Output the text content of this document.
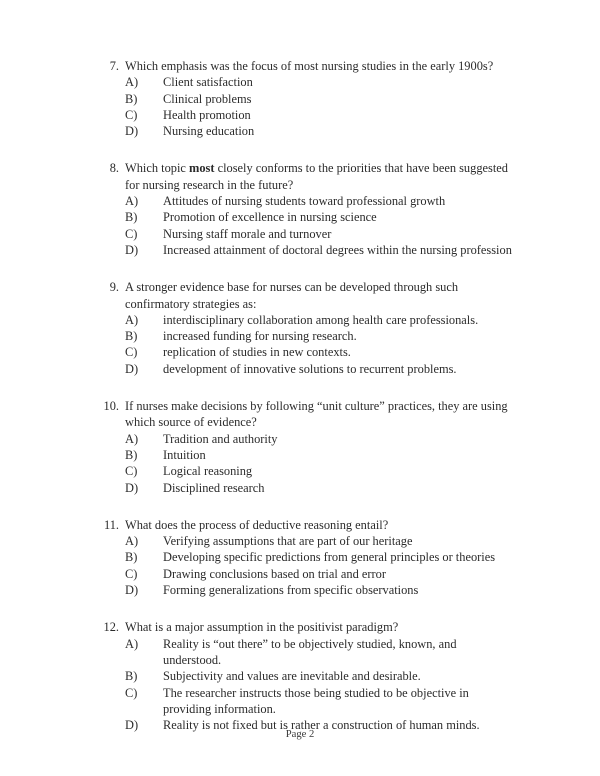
7. Which emphasis was the focus of most nursing studies in the early 1900s?
A)	Client satisfaction
B)	Clinical problems
C)	Health promotion
D)	Nursing education
8. Which topic most closely conforms to the priorities that have been suggested for nursing research in the future?
A)	Attitudes of nursing students toward professional growth
B)	Promotion of excellence in nursing science
C)	Nursing staff morale and turnover
D)	Increased attainment of doctoral degrees within the nursing profession
9. A stronger evidence base for nurses can be developed through such confirmatory strategies as:
A)	interdisciplinary collaboration among health care professionals.
B)	increased funding for nursing research.
C)	replication of studies in new contexts.
D)	development of innovative solutions to recurrent problems.
10. If nurses make decisions by following “unit culture” practices, they are using which source of evidence?
A)	Tradition and authority
B)	Intuition
C)	Logical reasoning
D)	Disciplined research
11. What does the process of deductive reasoning entail?
A)	Verifying assumptions that are part of our heritage
B)	Developing specific predictions from general principles or theories
C)	Drawing conclusions based on trial and error
D)	Forming generalizations from specific observations
12. What is a major assumption in the positivist paradigm?
A)	Reality is “out there” to be objectively studied, known, and understood.
B)	Subjectivity and values are inevitable and desirable.
C)	The researcher instructs those being studied to be objective in providing information.
D)	Reality is not fixed but is rather a construction of human minds.
Page 2
